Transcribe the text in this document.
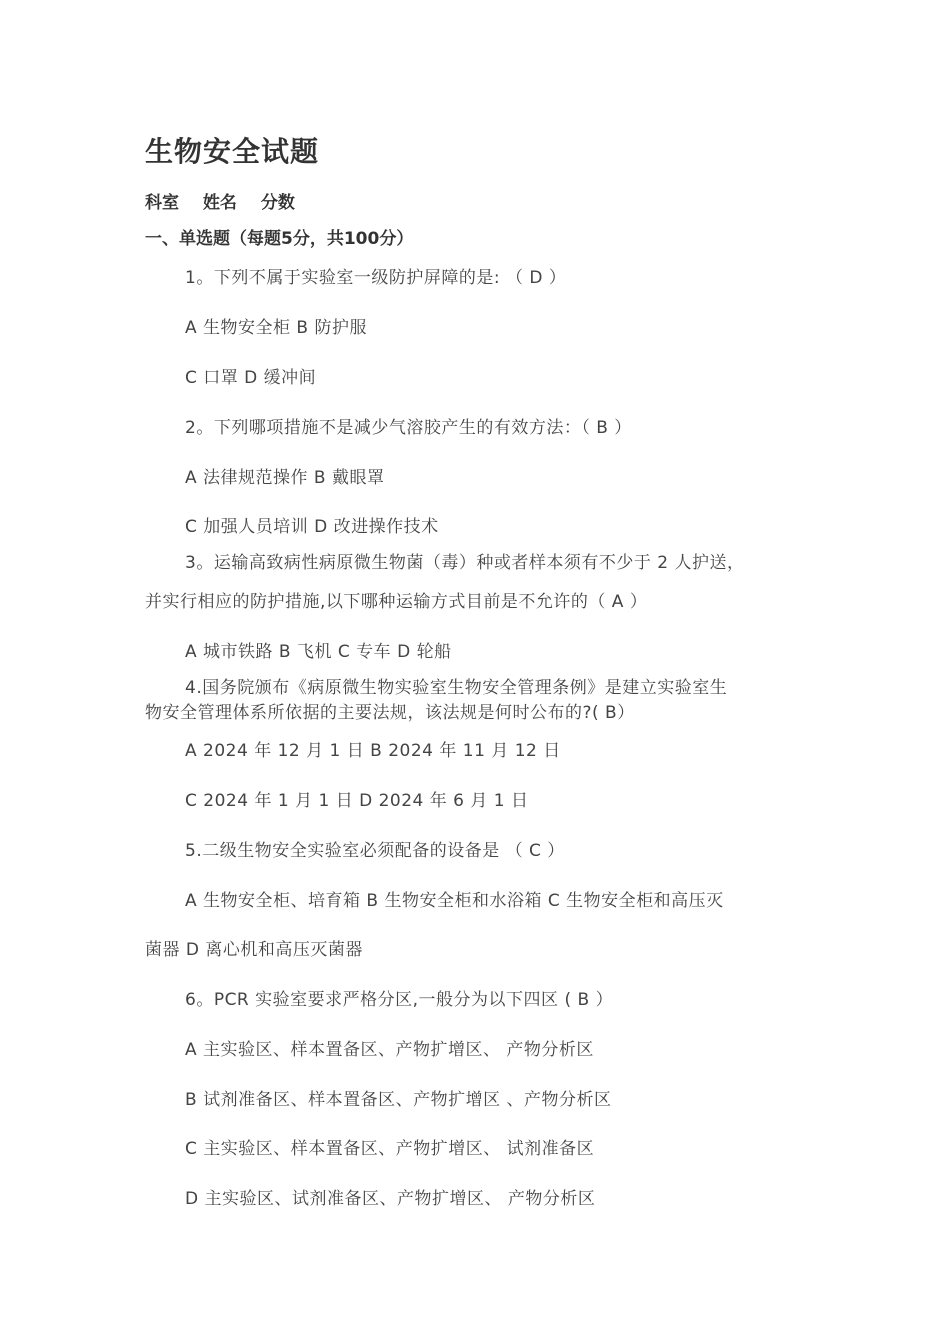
生物安全试题
科室 姓名 分数
一、单选题（每题5分，共100分）
1。下列不属于实验室一级防护屏障的是: （ D ）
A 生物安全柜 B 防护服
C 口罩 D 缓冲间
2。下列哪项措施不是减少气溶胶产生的有效方法：（ B ）
A 法律规范操作 B 戴眼罩
C 加强人员培训 D 改进操作技术
3。运输高致病性病原微生物菌（毒）种或者样本须有不少于 2 人护送，
并实行相应的防护措施,以下哪种运输方式目前是不允许的（ A ）
A 城市铁路 B 飞机 C 专车 D 轮船
4.国务院颁布《病原微生物实验室生物安全管理条例》是建立实验室生
物安全管理体系所依据的主要法规，该法规是何时公布的?( B）
A 2024 年 12 月 1 日 B 2024 年 11 月 12 日
C 2024 年 1 月 1 日 D 2024 年 6 月 1 日
5.二级生物安全实验室必须配备的设备是 （ C ）
A 生物安全柜、培育箱 B 生物安全柜和水浴箱 C 生物安全柜和高压灭
菌器 D 离心机和高压灭菌器
6。PCR 实验室要求严格分区,一般分为以下四区 ( B ）
A 主实验区、样本置备区、产物扩增区、 产物分析区
B 试剂准备区、样本置备区、产物扩增区 、产物分析区
C 主实验区、样本置备区、产物扩增区、 试剂准备区
D 主实验区、试剂准备区、产物扩增区、 产物分析区
